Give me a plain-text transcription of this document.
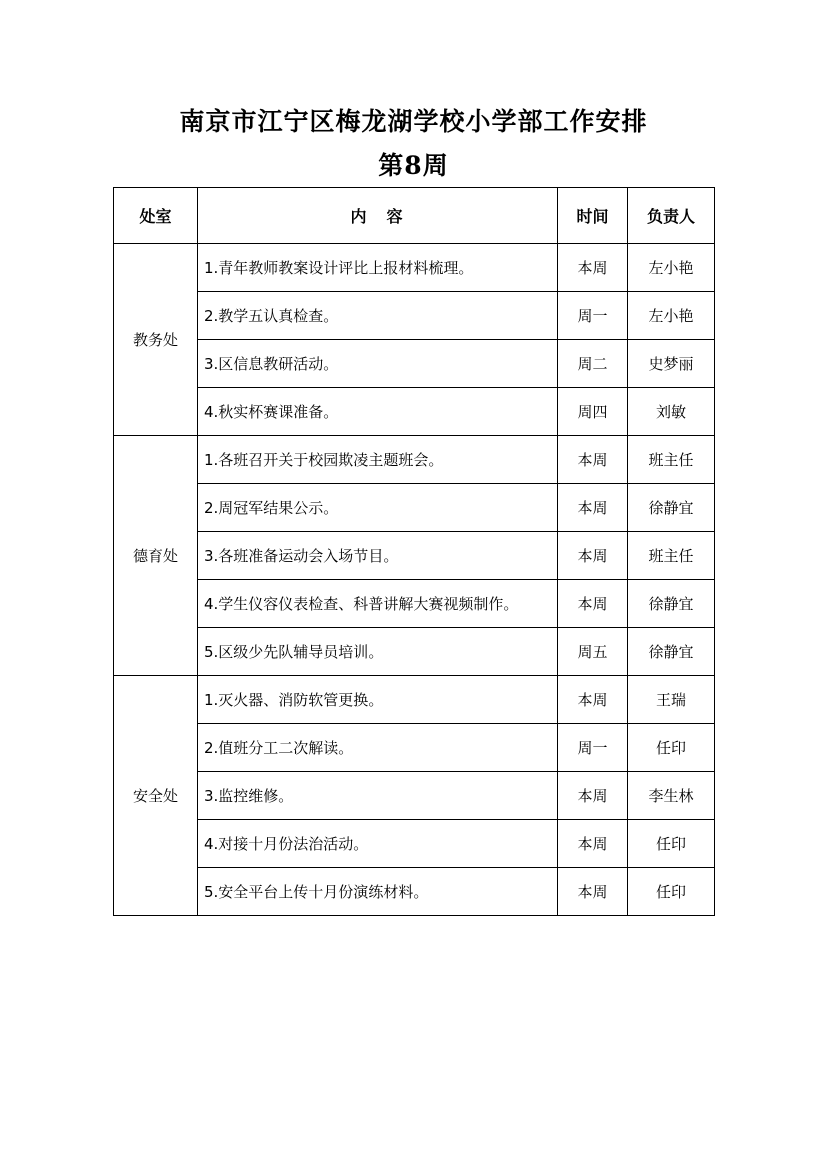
南京市江宁区梅龙湖学校小学部工作安排
第8周
处室	内　容	时间	负责人
教务处	1.青年教师教案设计评比上报材料梳理。	本周	左小艳
	2.教学五认真检查。	周一	左小艳
	3.区信息教研活动。	周二	史梦丽
	4.秋实杯赛课准备。	周四	刘敏
德育处	1.各班召开关于校园欺凌主题班会。	本周	班主任
	2.周冠军结果公示。	本周	徐静宜
	3.各班准备运动会入场节目。	本周	班主任
	4.学生仪容仪表检查、科普讲解大赛视频制作。	本周	徐静宜
	5.区级少先队辅导员培训。	周五	徐静宜
安全处	1.灭火器、消防软管更换。	本周	王瑞
	2.值班分工二次解读。	周一	任印
	3.监控维修。	本周	李生林
	4.对接十月份法治活动。	本周	任印
	5.安全平台上传十月份演练材料。	本周	任印
